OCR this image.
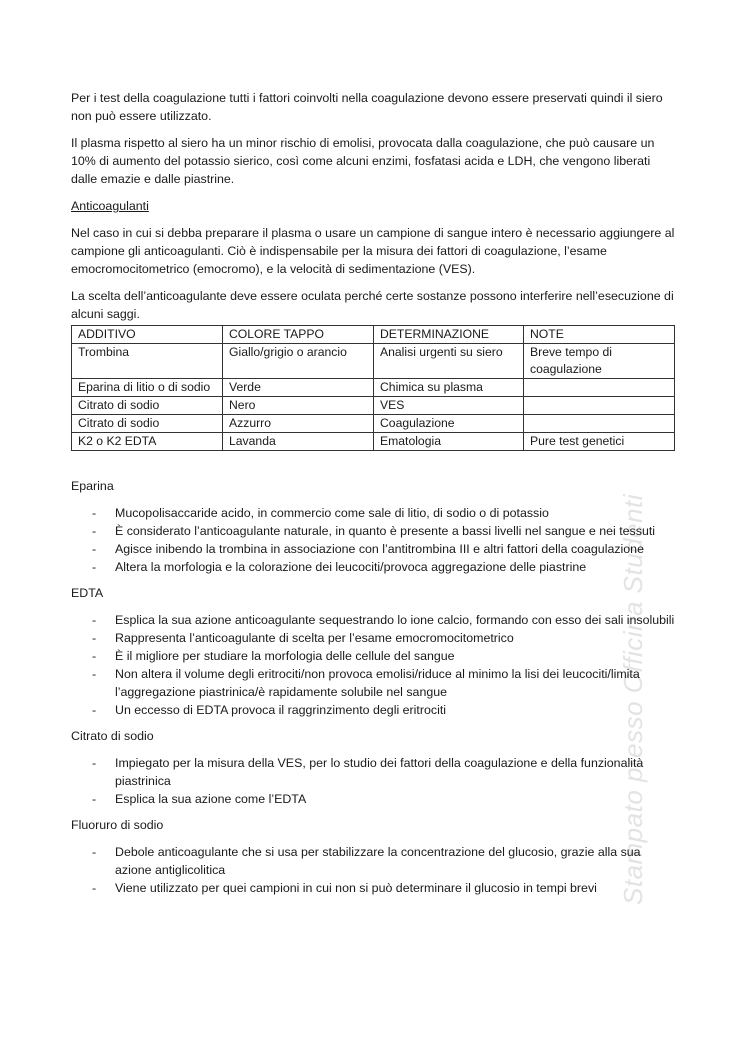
Stampato presso Officina Studenti

Per i test della coagulazione tutti i fattori coinvolti nella coagulazione devono essere preservati quindi il siero non può essere utilizzato.

Il plasma rispetto al siero ha un minor rischio di emolisi, provocata dalla coagulazione, che può causare un 10% di aumento del potassio sierico, così come alcuni enzimi, fosfatasi acida e LDH, che vengono liberati dalle emazie e dalle piastrine.

Anticoagulanti

Nel caso in cui si debba preparare il plasma o usare un campione di sangue intero è necessario aggiungere al campione gli anticoagulanti. Ciò è indispensabile per la misura dei fattori di coagulazione, l’esame emocromocitometrico (emocromo), e la velocità di sedimentazione (VES).

La scelta dell’anticoagulante deve essere oculata perché certe sostanze possono interferire nell’esecuzione di alcuni saggi.

ADDITIVO	COLORE TAPPO	DETERMINAZIONE	NOTE
Trombina	Giallo/grigio o arancio	Analisi urgenti su siero	Breve tempo di coagulazione
Eparina di litio o di sodio	Verde	Chimica su plasma	
Citrato di sodio	Nero	VES	
Citrato di sodio	Azzurro	Coagulazione	
K2 o K2 EDTA	Lavanda	Ematologia	Pure test genetici

Eparina

- Mucopolisaccaride acido, in commercio come sale di litio, di sodio o di potassio
- È considerato l’anticoagulante naturale, in quanto è presente a bassi livelli nel sangue e nei tessuti
- Agisce inibendo la trombina in associazione con l’antitrombina III e altri fattori della coagulazione
- Altera la morfologia e la colorazione dei leucociti/provoca aggregazione delle piastrine

EDTA

- Esplica la sua azione anticoagulante sequestrando lo ione calcio, formando con esso dei sali insolubili
- Rappresenta l’anticoagulante di scelta per l’esame emocromocitometrico
- È il migliore per studiare la morfologia delle cellule del sangue
- Non altera il volume degli eritrociti/non provoca emolisi/riduce al minimo la lisi dei leucociti/limita l’aggregazione piastrinica/è rapidamente solubile nel sangue
- Un eccesso di EDTA provoca il raggrinzimento degli eritrociti

Citrato di sodio

- Impiegato per la misura della VES, per lo studio dei fattori della coagulazione e della funzionalità piastrinica
- Esplica la sua azione come l’EDTA

Fluoruro di sodio

- Debole anticoagulante che si usa per stabilizzare la concentrazione del glucosio, grazie alla sua azione antiglicolitica
- Viene utilizzato per quei campioni in cui non si può determinare il glucosio in tempi brevi
